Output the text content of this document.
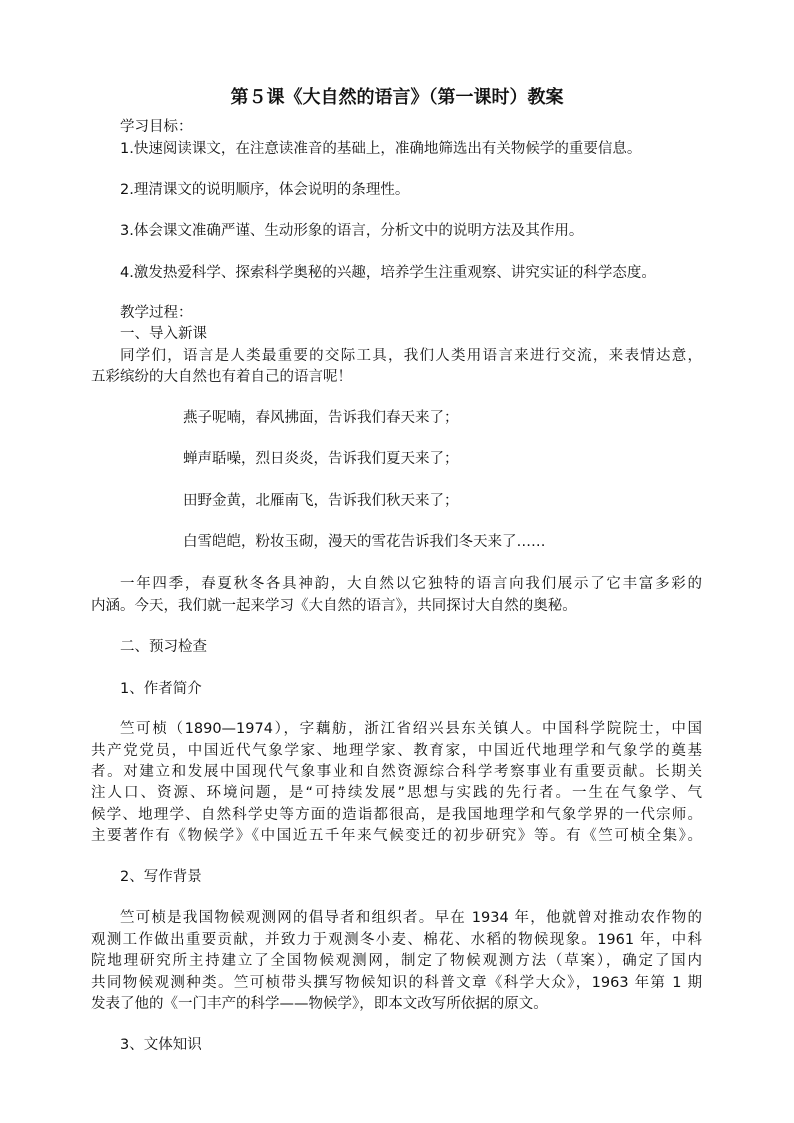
第５课《大自然的语言》（第一课时）教案
学习目标：
1.快速阅读课文，在注意读准音的基础上，准确地筛选出有关物候学的重要信息。
2.理清课文的说明顺序，体会说明的条理性。
3.体会课文准确严谨、生动形象的语言，分析文中的说明方法及其作用。
4.激发热爱科学、探索科学奥秘的兴趣，培养学生注重观察、讲究实证的科学态度。
教学过程：
一、导入新课
同学们，语言是人类最重要的交际工具，我们人类用语言来进行交流，来表情达意，
五彩缤纷的大自然也有着自己的语言呢！
燕子呢喃，春风拂面，告诉我们春天来了；
蝉声聒噪，烈日炎炎，告诉我们夏天来了；
田野金黄，北雁南飞，告诉我们秋天来了；
白雪皑皑，粉妆玉砌，漫天的雪花告诉我们冬天来了……
一年四季，春夏秋冬各具神韵，大自然以它独特的语言向我们展示了它丰富多彩的
内涵。今天，我们就一起来学习《大自然的语言》，共同探讨大自然的奥秘。
二、预习检查
1、作者简介
竺可桢（1890—1974），字藕舫，浙江省绍兴县东关镇人。中国科学院院士，中国
共产党党员，中国近代气象学家、地理学家、教育家，中国近代地理学和气象学的奠基
者。对建立和发展中国现代气象事业和自然资源综合科学考察事业有重要贡献。长期关
注人口、资源、环境问题，是“可持续发展”思想与实践的先行者。一生在气象学、气
候学、地理学、自然科学史等方面的造诣都很高，是我国地理学和气象学界的一代宗师。
主要著作有《物候学》《中国近五千年来气候变迁的初步研究》等。有《竺可桢全集》。
2、写作背景
竺可桢是我国物候观测网的倡导者和组织者。早在 1934 年，他就曾对推动农作物的
观测工作做出重要贡献，并致力于观测冬小麦、棉花、水稻的物候现象。1961 年，中科
院地理研究所主持建立了全国物候观测网，制定了物候观测方法（草案），确定了国内
共同物候观测种类。竺可桢带头撰写物候知识的科普文章《科学大众》，1963 年第 1 期
发表了他的《一门丰产的科学——物候学》，即本文改写所依据的原文。
3、文体知识
